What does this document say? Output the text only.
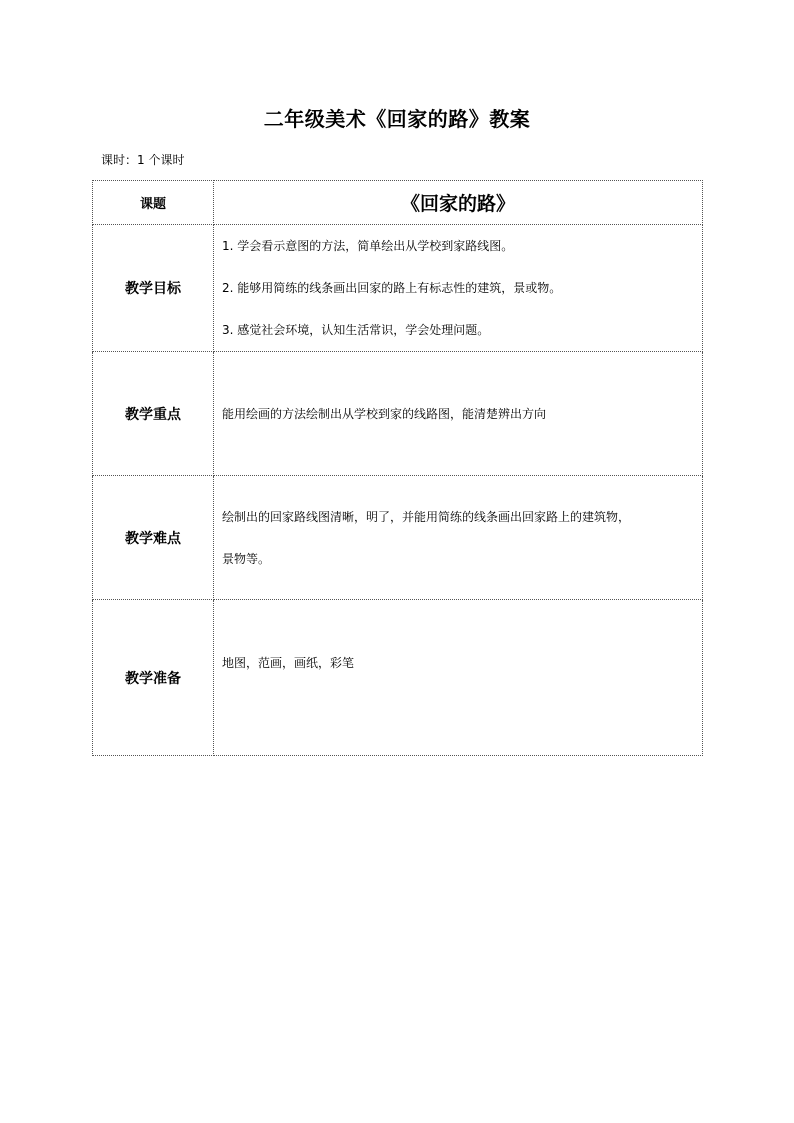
二年级美术《回家的路》教案
课时：1 个课时
课题	《回家的路》
教学目标	1. 学会看示意图的方法，简单绘出从学校到家路线图。

2. 能够用简练的线条画出回家的路上有标志性的建筑，景或物。

3. 感觉社会环境，认知生活常识，学会处理问题。

教学重点	能用绘画的方法绘制出从学校到家的线路图，能清楚辨出方向

教学难点	绘制出的回家路线图清晰，明了，并能用简练的线条画出回家路上的建筑物，

景物等。

教学准备	地图，范画，画纸，彩笔
